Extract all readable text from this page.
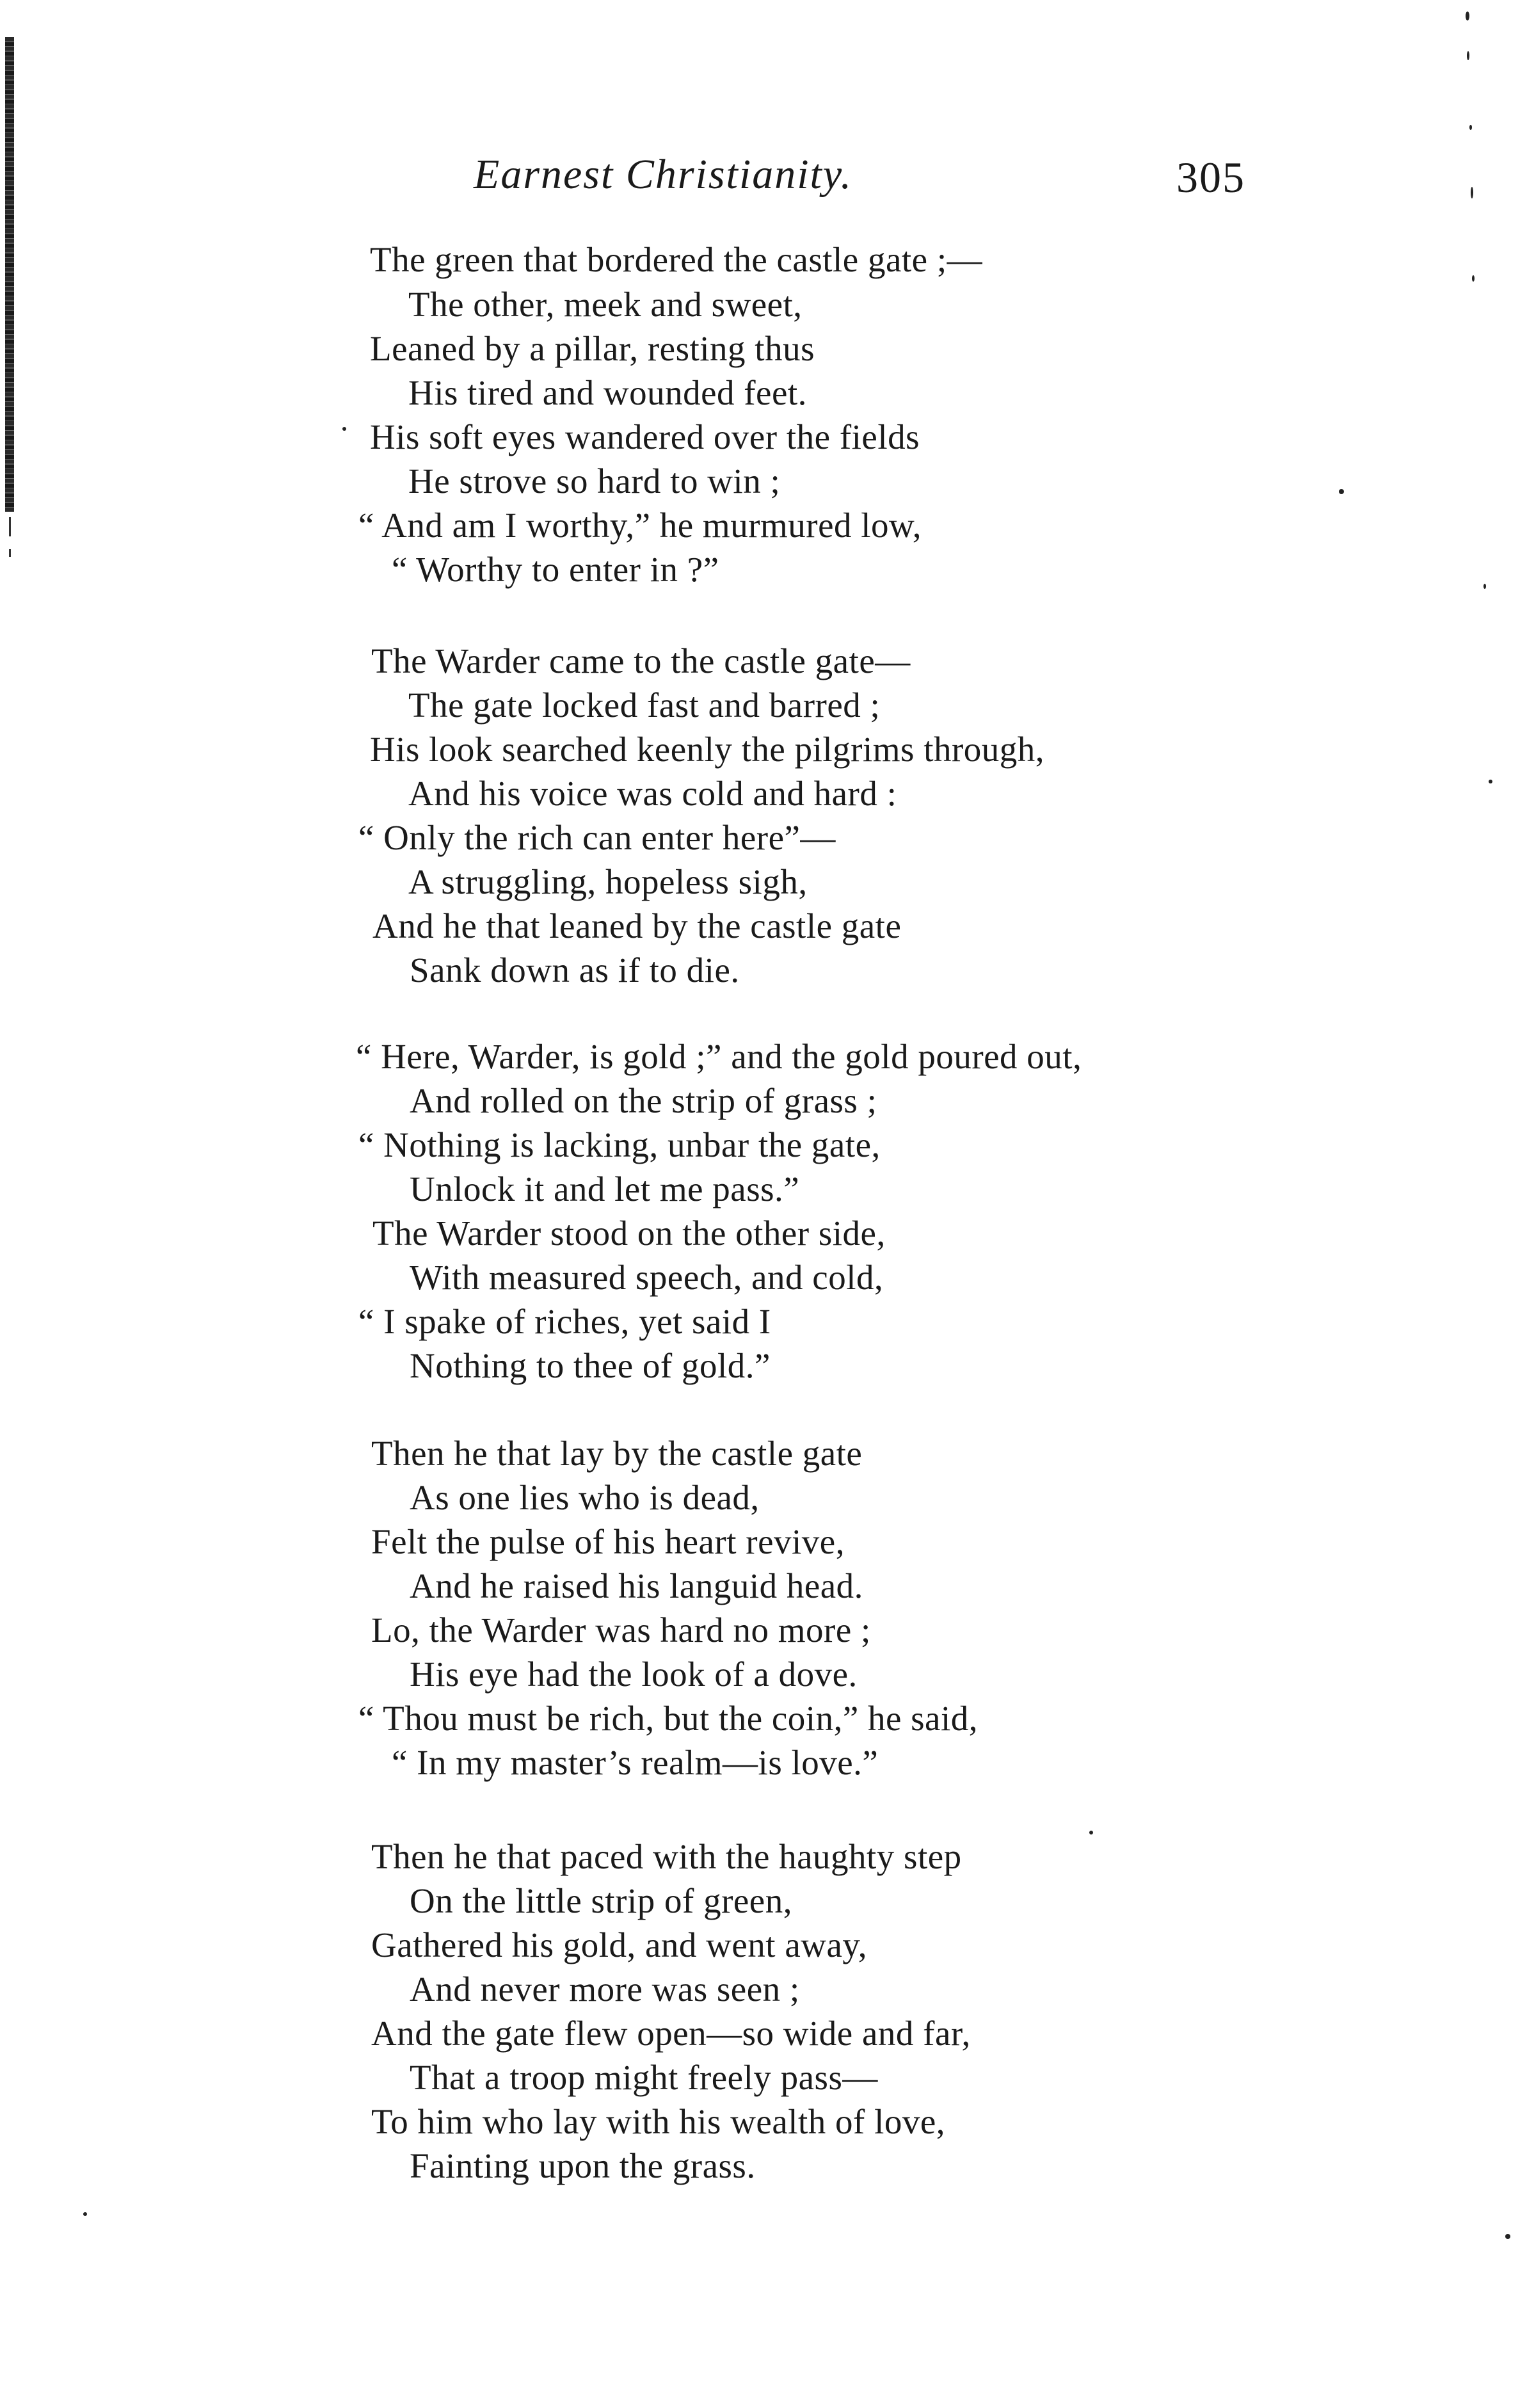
Earnest Christianity.	305
The green that bordered the castle gate ;—
The other, meek and sweet,
Leaned by a pillar, resting thus
His tired and wounded feet.
His soft eyes wandered over the fields
He strove so hard to win ;
“ And am I worthy,” he murmured low,
“ Worthy to enter in ?”
The Warder came to the castle gate—
The gate locked fast and barred ;
His look searched keenly the pilgrims through,
And his voice was cold and hard :
“ Only the rich can enter here”—
A struggling, hopeless sigh,
And he that leaned by the castle gate
Sank down as if to die.
“ Here, Warder, is gold ;” and the gold poured out,
And rolled on the strip of grass ;
“ Nothing is lacking, unbar the gate,
Unlock it and let me pass.”
The Warder stood on the other side,
With measured speech, and cold,
“ I spake of riches, yet said I
Nothing to thee of gold.”
Then he that lay by the castle gate
As one lies who is dead,
Felt the pulse of his heart revive,
And he raised his languid head.
Lo, the Warder was hard no more ;
His eye had the look of a dove.
“ Thou must be rich, but the coin,” he said,
“ In my master’s realm—is love.”
Then he that paced with the haughty step
On the little strip of green,
Gathered his gold, and went away,
And never more was seen ;
And the gate flew open—so wide and far,
That a troop might freely pass—
To him who lay with his wealth of love,
Fainting upon the grass.
